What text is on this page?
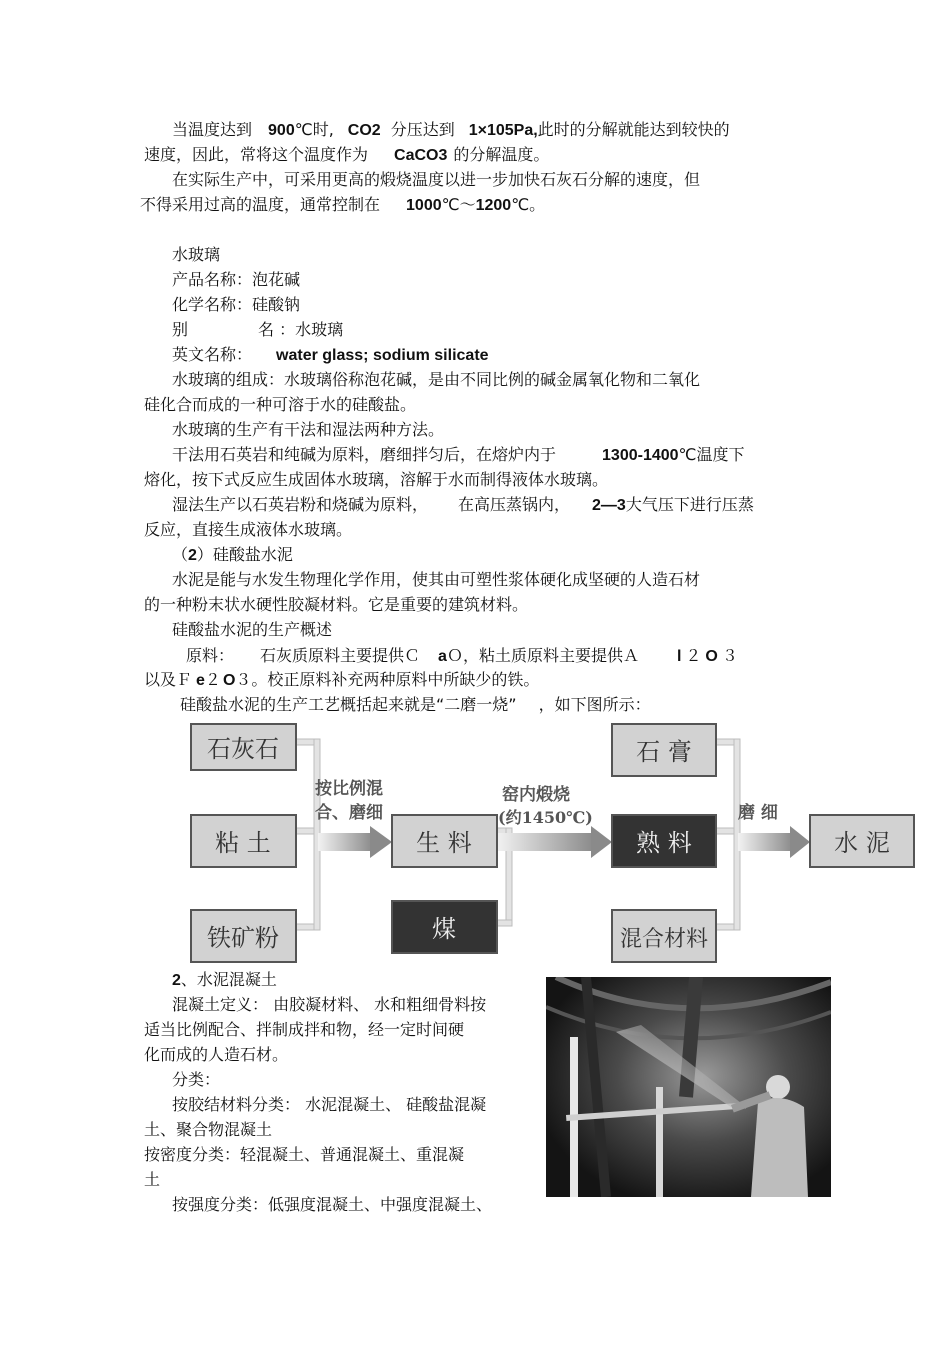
当温度达到 900℃时, CO2 分压达到 1×105Pa,此时的分解就能达到较快的
速度，因此，常将这个温度作为 CaCO3 的分解温度。
在实际生产中，可采用更高的煅烧温度以进一步加快石灰石分解的速度，但
不得采用过高的温度，通常控制在 1000℃～1200℃。
水玻璃
产品名称：泡花碱
化学名称：硅酸钠
别	名 ：水玻璃
英文名称： water glass; sodium silicate
水玻璃的组成：水玻璃俗称泡花碱，是由不同比例的碱金属氧化物和二氧化
硅化合而成的一种可溶于水的硅酸盐。
水玻璃的生产有干法和湿法两种方法。
干法用石英岩和纯碱为原料，磨细拌匀后，在熔炉内于	1300-1400℃温度下
熔化，按下式反应生成固体水玻璃，溶解于水而制得液体水玻璃。
湿法生产以石英岩粉和烧碱为原料， 在高压蒸锅内， 2—3大气压下进行压蒸
反应，直接生成液体水玻璃。
（2）硅酸盐水泥
水泥是能与水发生物理化学作用，使其由可塑性浆体硬化成坚硬的人造石材
的一种粉末状水硬性胶凝材料。它是重要的建筑材料。
硅酸盐水泥的生产概述
原料： 石灰质原料主要提供Ｃ aＯ，粘土质原料主要提供Ａ l ２ O ３
以及Ｆ e２ O３。校正原料补充两种原料中所缺少的铁。
硅酸盐水泥的生产工艺概括起来就是“二磨一烧” ，如下图所示：
按比例混
合、磨细
窑内煅烧
(约1450℃)	磨 细
石灰石
粘 土
铁矿粉
生 料
煤
石 膏
熟 料
混合材料
水 泥
2、水泥混凝土
混凝土定义： 由胶凝材料、 水和粗细骨料按
适当比例配合、拌制成拌和物，经一定时间硬
化而成的人造石材。
分类：
按胶结材料分类： 水泥混凝土、 硅酸盐混凝
土、聚合物混凝土
按密度分类：轻混凝土、普通混凝土、重混凝
土
按强度分类：低强度混凝土、中强度混凝土、
